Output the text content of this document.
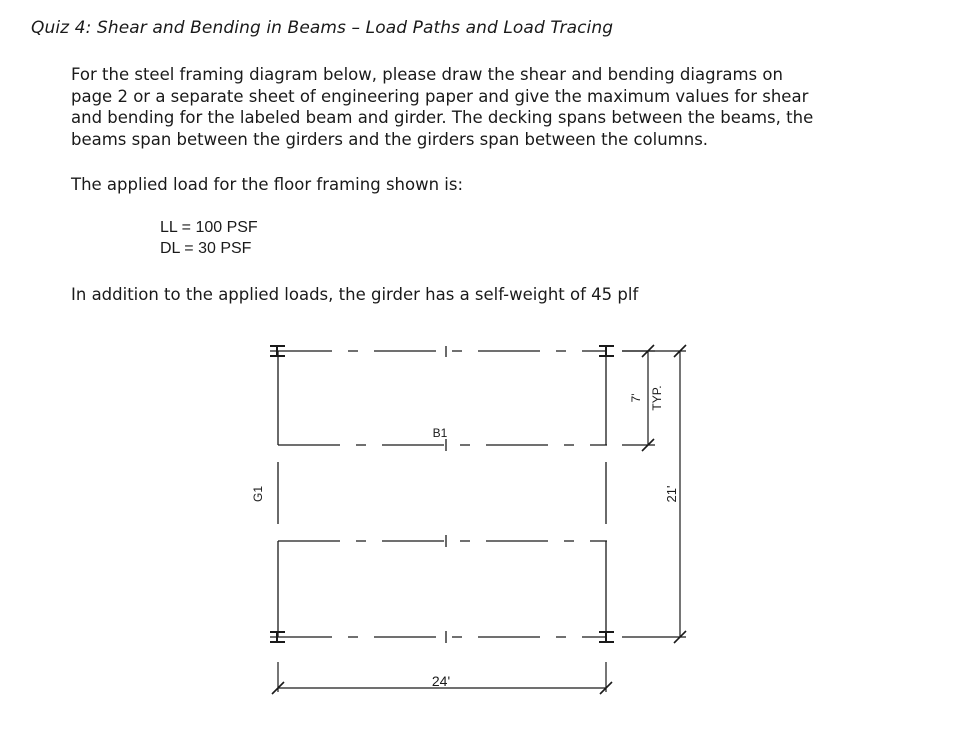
Quiz 4: Shear and Bending in Beams – Load Paths and Load Tracing
For the steel framing diagram below, please draw the shear and bending diagrams on
page 2 or a separate sheet of engineering paper and give the maximum values for shear
and bending for the labeled beam and girder. The decking spans between the beams, the
beams span between the girders and the girders span between the columns.
The applied load for the floor framing shown is:
LL = 100 PSF
DL = 30 PSF
In addition to the applied loads, the girder has a self-weight of 45 plf
B1
G1
24'
7' TYP.
21'
